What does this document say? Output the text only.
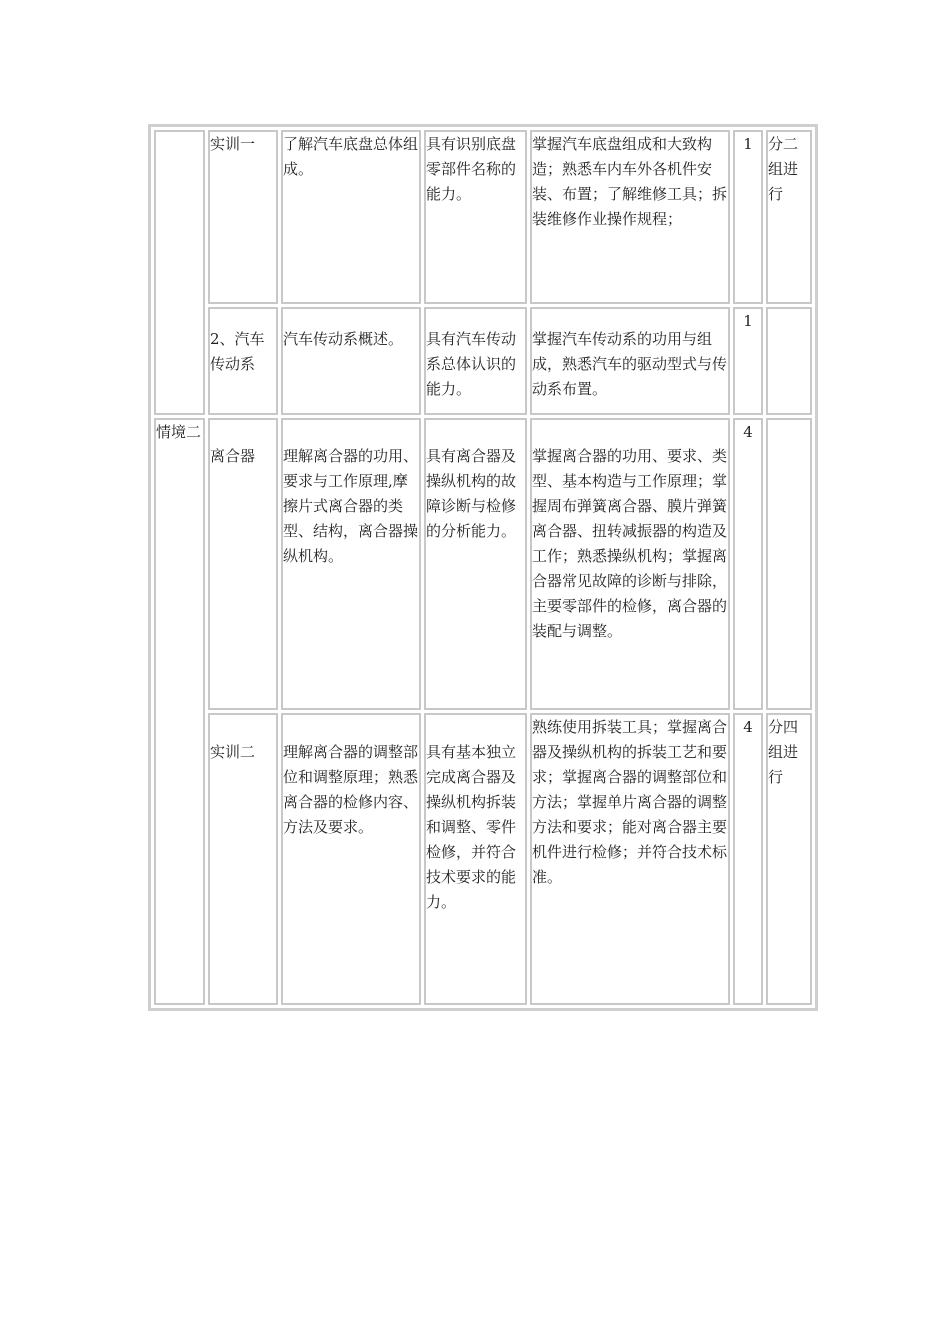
	实训一	了解汽车底盘总体组成。	具有识别底盘零部件名称的能力。	掌握汽车底盘组成和大致构造；熟悉车内车外各机件安装、布置；了解维修工具；拆装维修作业操作规程；	1	分二组进行
	2、汽车传动系	汽车传动系概述。	具有汽车传动系总体认识的能力。	掌握汽车传动系的功用与组成，熟悉汽车的驱动型式与传动系布置。	1	
情境二	离合器	理解离合器的功用、要求与工作原理,摩擦片式离合器的类型、结构，离合器操纵机构。	具有离合器及操纵机构的故障诊断与检修的分析能力。	掌握离合器的功用、要求、类型、基本构造与工作原理；掌握周布弹簧离合器、膜片弹簧离合器、扭转减振器的构造及工作；熟悉操纵机构；掌握离合器常见故障的诊断与排除，主要零部件的检修，离合器的装配与调整。	4	
	实训二	理解离合器的调整部位和调整原理；熟悉离合器的检修内容、方法及要求。	具有基本独立完成离合器及操纵机构拆装和调整、零件检修，并符合技术要求的能力。	熟练使用拆装工具；掌握离合器及操纵机构的拆装工艺和要求；掌握离合器的调整部位和方法；掌握单片离合器的调整方法和要求；能对离合器主要机件进行检修；并符合技术标准。	4	分四组进行
